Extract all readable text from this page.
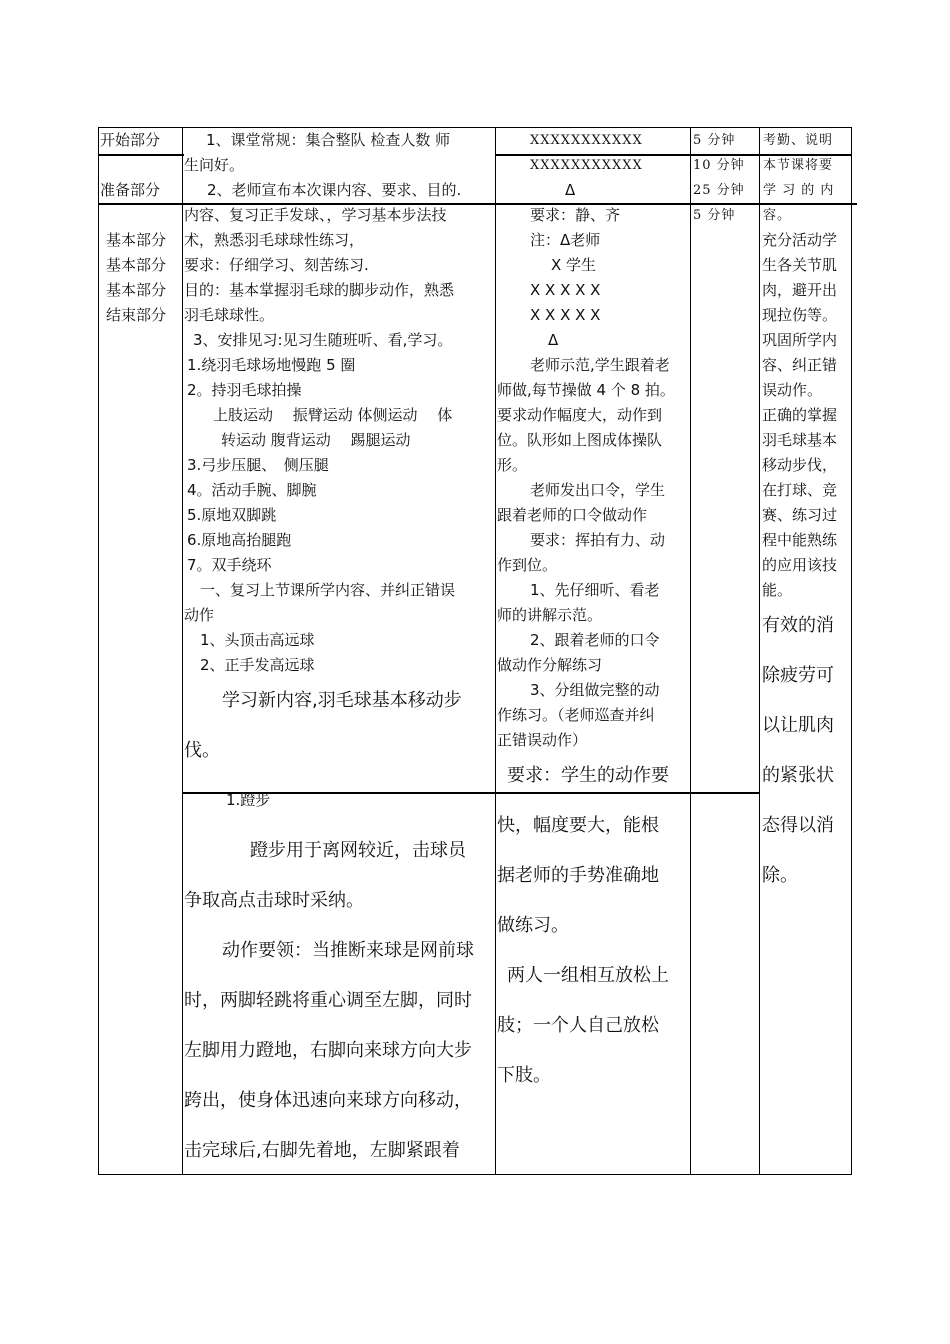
开始部分
准备部分
基本部分
基本部分
基本部分
结束部分
1、课堂常规：集合整队 检查人数 师
生问好。
2、老师宣布本次课内容、要求、目的.
内容、复习正手发球、，学习基本步法技
术，熟悉羽毛球球性练习，
要求：仔细学习、刻苦练习.
目的：基本掌握羽毛球的脚步动作，熟悉
羽毛球球性。
3、安排见习:见习生随班听、看,学习。
1.绕羽毛球场地慢跑 5 圈
2。持羽毛球拍操
上肢运动　 振臂运动 体侧运动　 体
转运动 腹背运动　 踢腿运动
3.弓步压腿、　侧压腿
4。活动手腕、脚腕
5.原地双脚跳
6.原地高抬腿跑
7。双手绕环
一、复习上节课所学内容、并纠正错误
动作
1、头顶击高远球
2、正手发高远球
学习新内容,羽毛球基本移动步
伐。
1.蹬步
蹬步用于离网较近，击球员
争取高点击球时采纳。
动作要领：当推断来球是网前球
时，两脚轻跳将重心调至左脚，同时
左脚用力蹬地，右脚向来球方向大步
跨出，使身体迅速向来球方向移动，
击完球后,右脚先着地，左脚紧跟着
XXXXXXXXXXX
XXXXXXXXXXX
Δ
要求：静、齐
注：Δ老师
X 学生
X X X X X
X X X X X
Δ
老师示范,学生跟着老
师做,每节操做 4 个 8 拍。
要求动作幅度大，动作到
位。队形如上图成体操队
形。
老师发出口令，学生
跟着老师的口令做动作
要求：挥拍有力、动
作到位。
1、先仔细听、看老
师的讲解示范。
2、跟着老师的口令
做动作分解练习
3、分组做完整的动
作练习。（老师巡查并纠
正错误动作）
要求：学生的动作要
快，幅度要大，能根
据老师的手势准确地
做练习。
两人一组相互放松上
肢；一个人自己放松
下肢。
5 分钟
10 分钟
25 分钟
5 分钟
考勤、说明
本节课将要
学 习 的 内
容。
充分活动学
生各关节肌
肉，避开出
现拉伤等。
巩固所学内
容、纠正错
误动作。
正确的掌握
羽毛球基本
移动步伐，
在打球、竞
赛、练习过
程中能熟练
的应用该技
能。
有效的消
除疲劳可
以让肌肉
的紧张状
态得以消
除。
